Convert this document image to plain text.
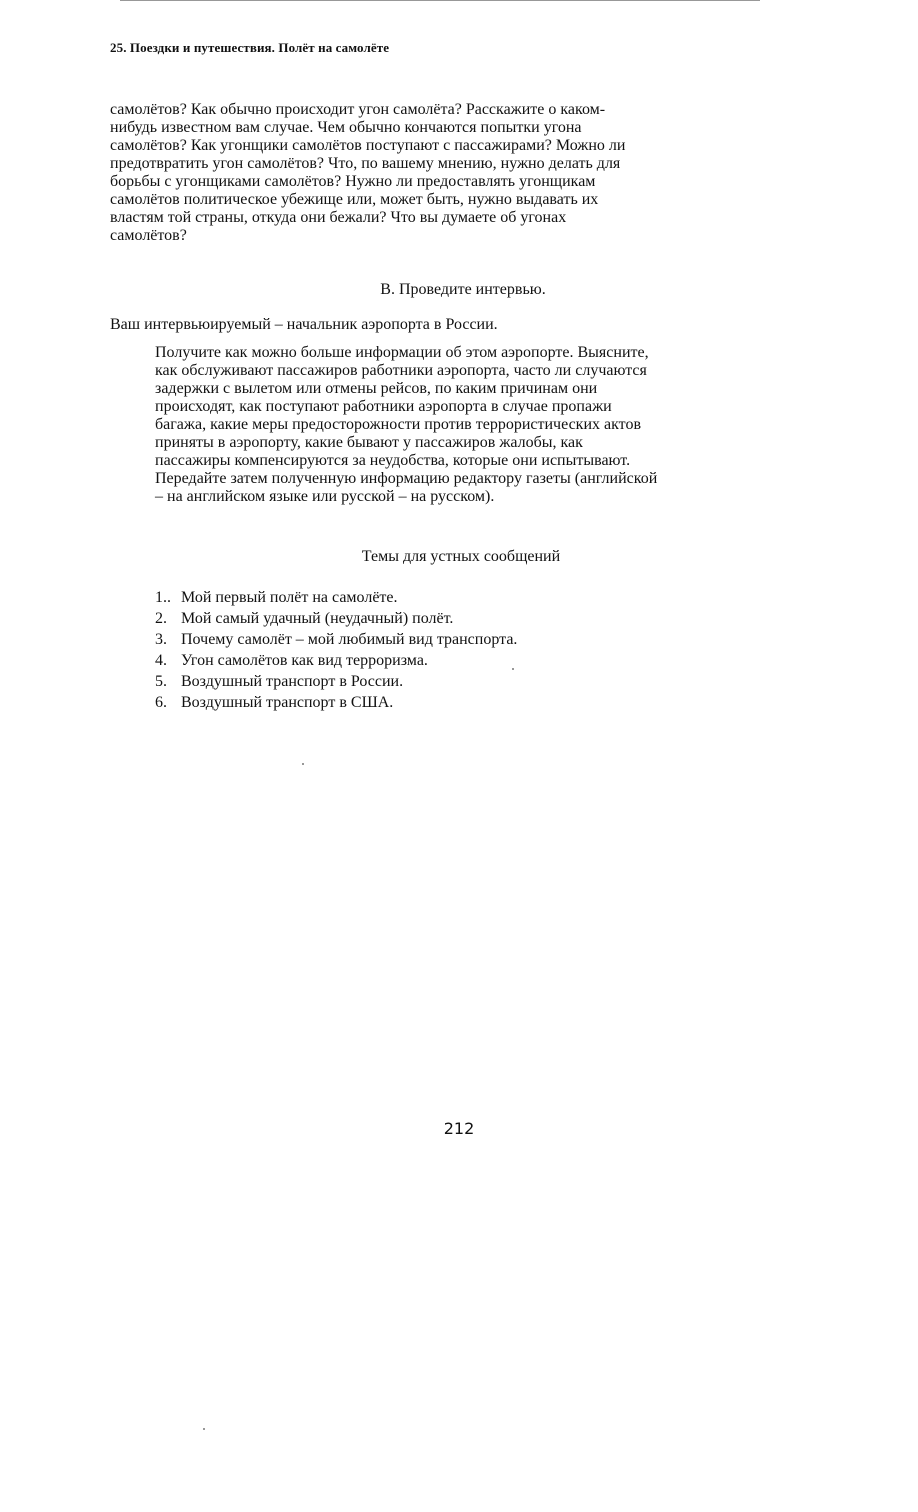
25. Поездки и путешествия. Полёт на самолёте
самолётов? Как обычно происходит угон самолёта? Расскажите о каком-
нибудь известном вам случае. Чем обычно кончаются попытки угона
самолётов? Как угонщики самолётов поступают с пассажирами? Можно ли
предотвратить угон самолётов? Что, по вашему мнению, нужно делать для
борьбы с угонщиками самолётов? Нужно ли предоставлять угонщикам
самолётов политическое убежище или, может быть, нужно выдавать их
властям той страны, откуда они бежали? Что вы думаете об угонах
самолётов?
В. Проведите интервью.
Ваш интервьюируемый – начальник аэропорта в России.
Получите как можно больше информации об этом аэропорте. Выясните,
как обслуживают пассажиров работники аэропорта, часто ли случаются
задержки с вылетом или отмены рейсов, по каким причинам они
происходят, как поступают работники аэропорта в случае пропажи
багажа, какие меры предосторожности против террористических актов
приняты в аэропорту, какие бывают у пассажиров жалобы, как
пассажиры компенсируются за неудобства, которые они испытывают.
Передайте затем полученную информацию редактору газеты (английской
– на английском языке или русской – на русском).
Темы для устных сообщений
1.. Мой первый полёт на самолёте.
2. Мой самый удачный (неудачный) полёт.
3. Почему самолёт – мой любимый вид транспорта.
4. Угон самолётов как вид терроризма.
5. Воздушный транспорт в России.
6. Воздушный транспорт в США.
212
